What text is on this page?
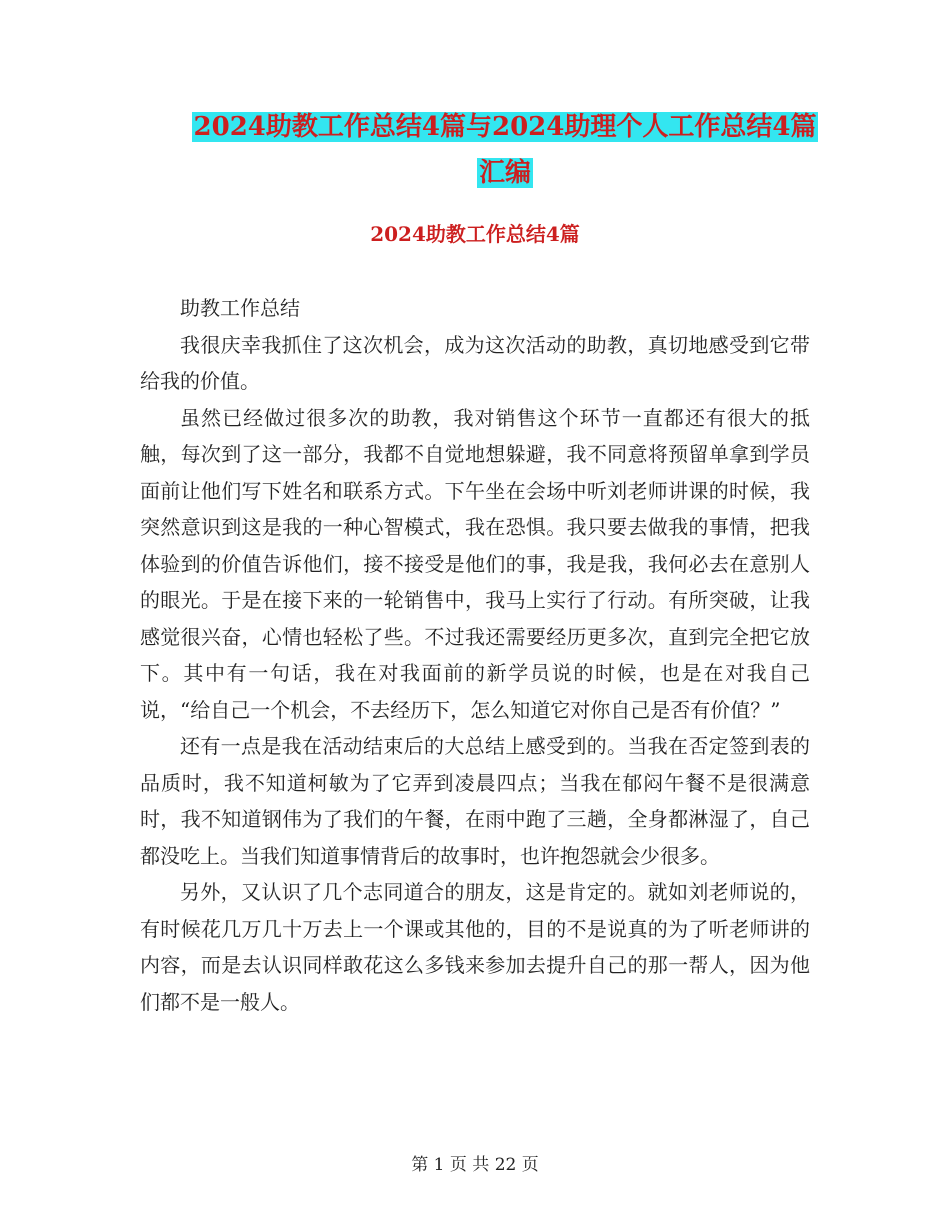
2024助教工作总结4篇与2024助理个人工作总结4篇
汇编
2024助教工作总结4篇

助教工作总结

我很庆幸我抓住了这次机会，成为这次活动的助教，真切地感受到它带给我的价值。

虽然已经做过很多次的助教，我对销售这个环节一直都还有很大的抵触，每次到了这一部分，我都不自觉地想躲避，我不同意将预留单拿到学员面前让他们写下姓名和联系方式。下午坐在会场中听刘老师讲课的时候，我突然意识到这是我的一种心智模式，我在恐惧。我只要去做我的事情，把我体验到的价值告诉他们，接不接受是他们的事，我是我，我何必去在意别人的眼光。于是在接下来的一轮销售中，我马上实行了行动。有所突破，让我感觉很兴奋，心情也轻松了些。不过我还需要经历更多次，直到完全把它放下。其中有一句话，我在对我面前的新学员说的时候，也是在对我自己说，“给自己一个机会，不去经历下，怎么知道它对你自己是否有价值？”

还有一点是我在活动结束后的大总结上感受到的。当我在否定签到表的品质时，我不知道柯敏为了它弄到凌晨四点；当我在郁闷午餐不是很满意时，我不知道钢伟为了我们的午餐，在雨中跑了三趟，全身都淋湿了，自己都没吃上。当我们知道事情背后的故事时，也许抱怨就会少很多。

另外，又认识了几个志同道合的朋友，这是肯定的。就如刘老师说的，有时候花几万几十万去上一个课或其他的，目的不是说真的为了听老师讲的内容，而是去认识同样敢花这么多钱来参加去提升自己的那一帮人，因为他们都不是一般人。

第 1 页 共 22 页
